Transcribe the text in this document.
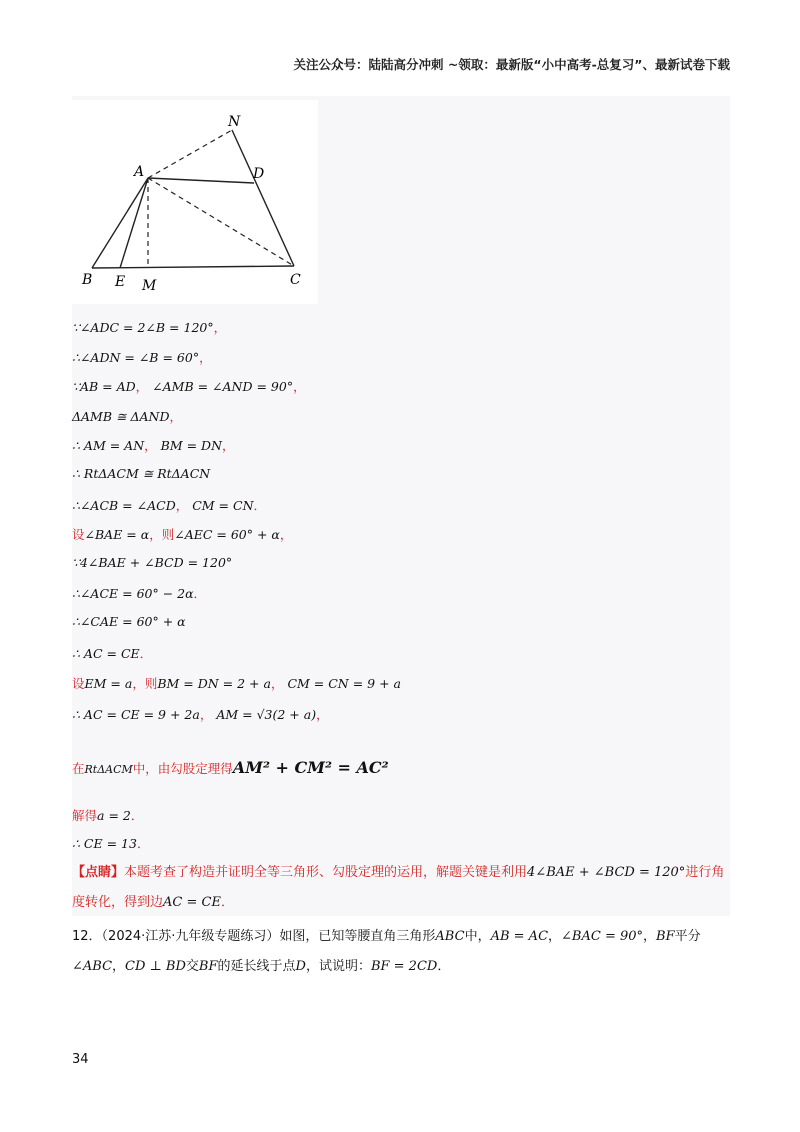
关注公众号：陆陆高分冲刺 ~领取：最新版“小中高考-总复习”、最新试卷下载
N
A	D
B E M	C
∵∠ADC = 2∠B = 120°，
∴∠ADN = ∠B = 60°，
∵AB = AD， ∠AMB = ∠AND = 90°，
ΔAMB ≅ ΔAND，
∴ AM = AN， BM = DN，
∴ RtΔACM ≅ RtΔACN
∴∠ACB = ∠ACD， CM = CN．
设∠BAE = α，则∠AEC = 60° + α，
∵4∠BAE + ∠BCD = 120°
∴∠ACE = 60° − 2α．
∴∠CAE = 60° + α
∴ AC = CE．
设EM = a，则BM = DN = 2 + a， CM = CN = 9 + a
∴ AC = CE = 9 + 2a， AM = √3(2 + a)，
在RtΔACM中，由勾股定理得AM² + CM² = AC²
解得a = 2．
∴ CE = 13．
【点睛】本题考查了构造并证明全等三角形、勾股定理的运用，解题关键是利用4∠BAE + ∠BCD = 120°进行角度转化，得到边AC = CE．
12．（2024·江苏·九年级专题练习）如图，已知等腰直角三角形ABC中，AB = AC，∠BAC = 90°，BF平分∠ABC，CD ⊥ BD交BF的延长线于点D，试说明：BF = 2CD．
34
